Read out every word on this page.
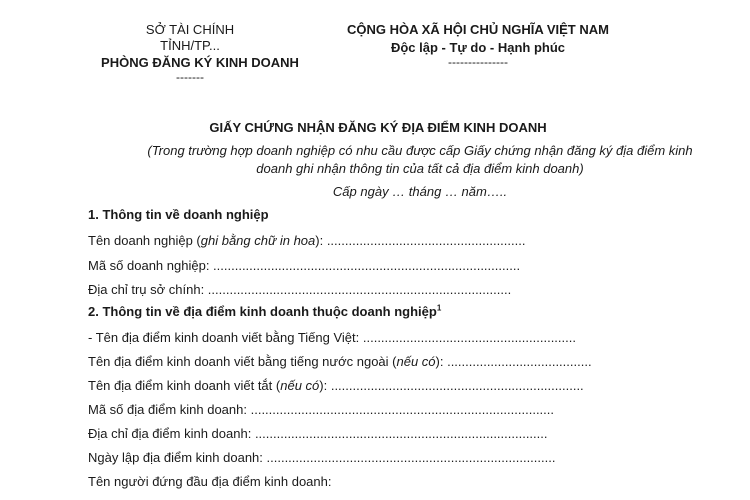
SỞ TÀI CHÍNH
TỈNH/TP...
PHÒNG ĐĂNG KÝ KINH DOANH
-------
CỘNG HÒA XÃ HỘI CHỦ NGHĨA VIỆT NAM
Độc lập - Tự do - Hạnh phúc
---------------
GIẤY CHỨNG NHẬN ĐĂNG KÝ ĐỊA ĐIỂM KINH DOANH
(Trong trường hợp doanh nghiệp có nhu cầu được cấp Giấy chứng nhận đăng ký địa điểm kinh
doanh ghi nhận thông tin của tất cả địa điểm kinh doanh)
Cấp ngày … tháng … năm…..
1. Thông tin về doanh nghiệp
Tên doanh nghiệp (ghi bằng chữ in hoa): .......................................................
Mã số doanh nghiệp: .....................................................................................
Địa chỉ trụ sở chính: ....................................................................................
2. Thông tin về địa điểm kinh doanh thuộc doanh nghiệp$^1$
- Tên địa điểm kinh doanh viết bằng Tiếng Việt: ...........................................................
Tên địa điểm kinh doanh viết bằng tiếng nước ngoài (nếu có): ........................................
Tên địa điểm kinh doanh viết tắt (nếu có): ......................................................................
Mã số địa điểm kinh doanh: ....................................................................................
Địa chỉ địa điểm kinh doanh: .................................................................................
Ngày lập địa điểm kinh doanh: ................................................................................
Tên người đứng đầu địa điểm kinh doanh:
